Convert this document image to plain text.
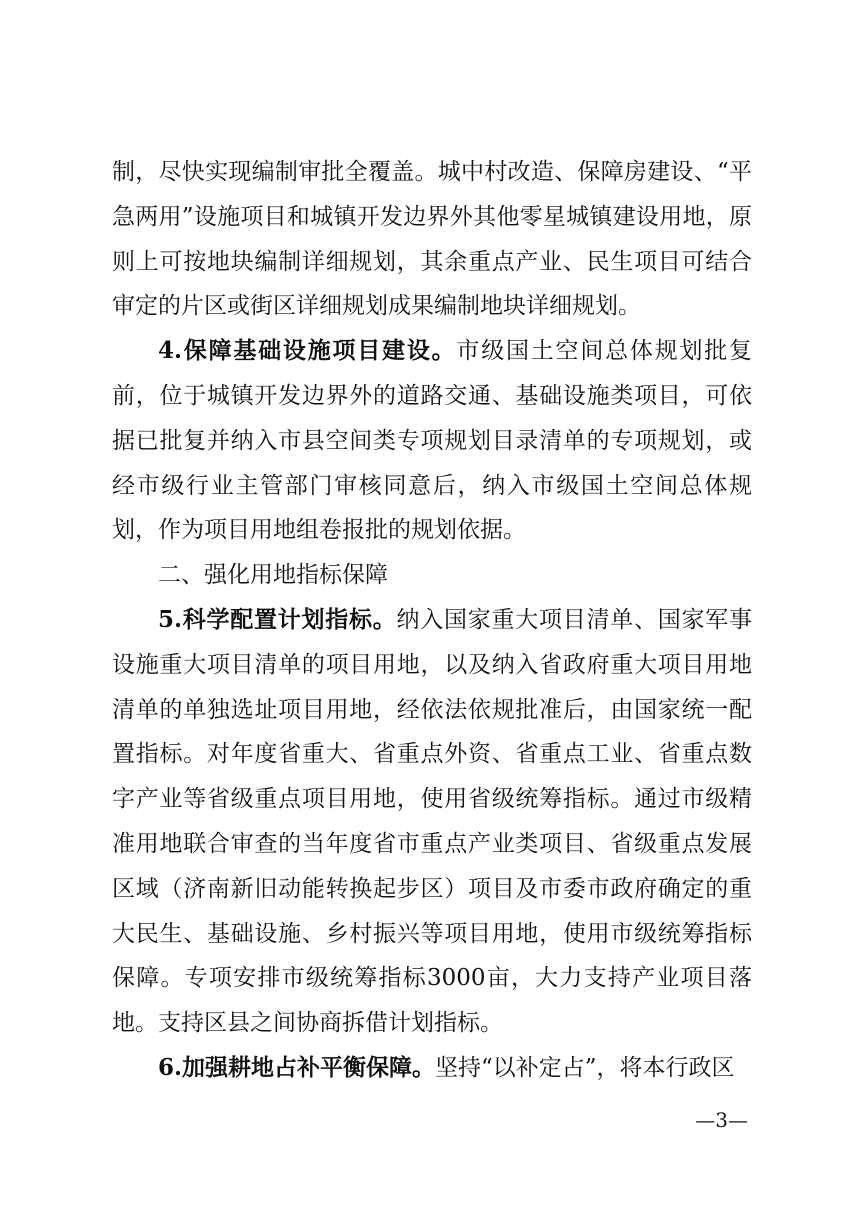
制，尽快实现编制审批全覆盖。城中村改造、保障房建设、“平急两用”设施项目和城镇开发边界外其他零星城镇建设用地，原则上可按地块编制详细规划，其余重点产业、民生项目可结合审定的片区或街区详细规划成果编制地块详细规划。

4.保障基础设施项目建设。市级国土空间总体规划批复前，位于城镇开发边界外的道路交通、基础设施类项目，可依据已批复并纳入市县空间类专项规划目录清单的专项规划，或经市级行业主管部门审核同意后，纳入市级国土空间总体规划，作为项目用地组卷报批的规划依据。

二、强化用地指标保障

5.科学配置计划指标。纳入国家重大项目清单、国家军事设施重大项目清单的项目用地，以及纳入省政府重大项目用地清单的单独选址项目用地，经依法依规批准后，由国家统一配置指标。对年度省重大、省重点外资、省重点工业、省重点数字产业等省级重点项目用地，使用省级统筹指标。通过市级精准用地联合审查的当年度省市重点产业类项目、省级重点发展区域（济南新旧动能转换起步区）项目及市委市政府确定的重大民生、基础设施、乡村振兴等项目用地，使用市级统筹指标保障。专项安排市级统筹指标3000亩，大力支持产业项目落地。支持区县之间协商拆借计划指标。

6.加强耕地占补平衡保障。坚持“以补定占”，将本行政区

—3—
